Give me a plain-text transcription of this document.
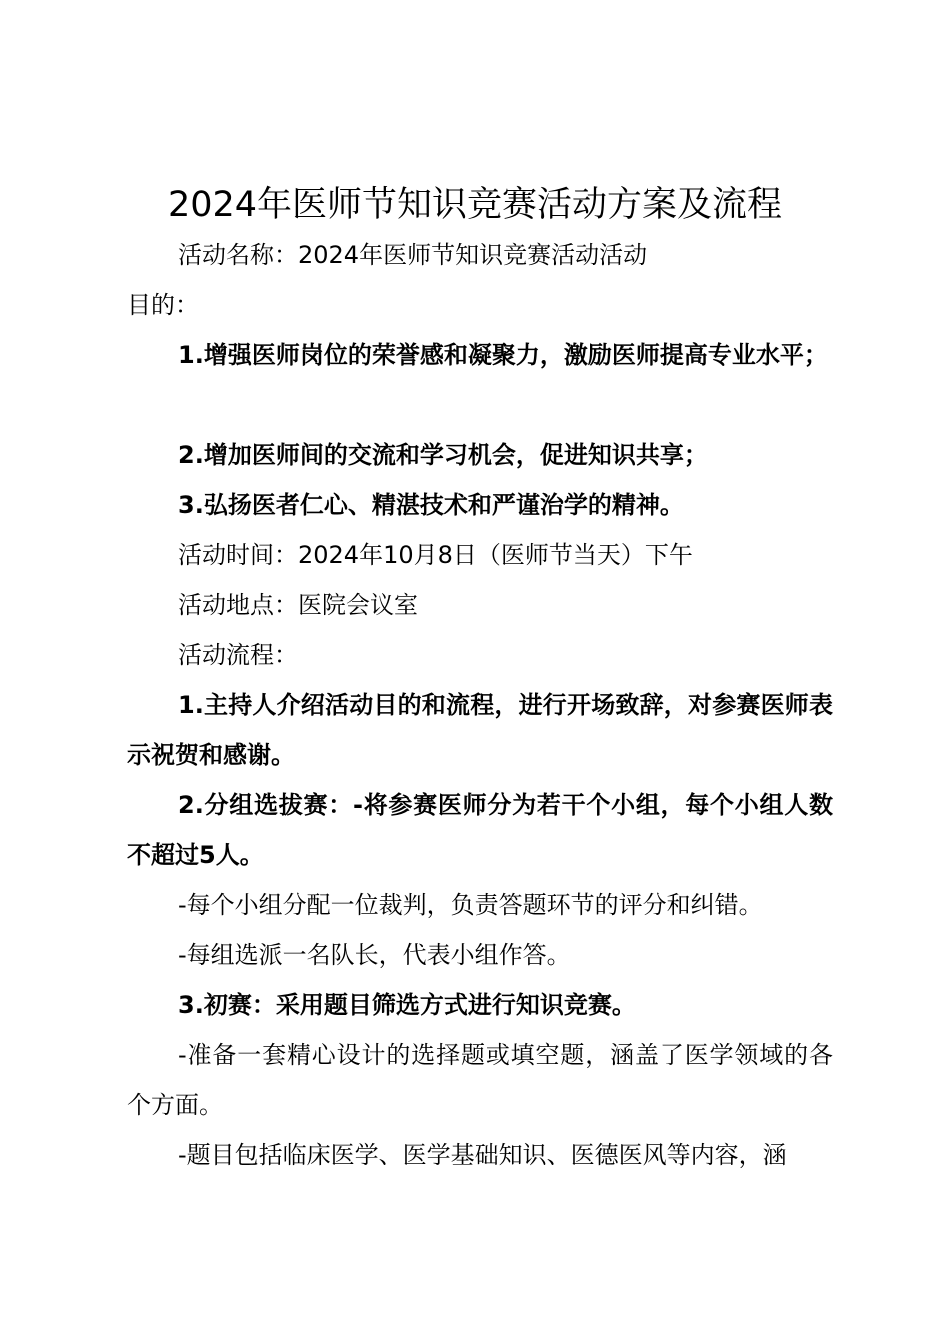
2024年医师节知识竞赛活动方案及流程

活动名称：2024年医师节知识竞赛活动活动

目的：

1.增强医师岗位的荣誉感和凝聚力，激励医师提高专业水平；

2.增加医师间的交流和学习机会，促进知识共享；

3.弘扬医者仁心、精湛技术和严谨治学的精神。

活动时间：2024年10月8日（医师节当天）下午

活动地点：医院会议室

活动流程：

1.主持人介绍活动目的和流程，进行开场致辞，对参赛医师表示祝贺和感谢。

2.分组选拔赛：-将参赛医师分为若干个小组，每个小组人数不超过5人。

-每个小组分配一位裁判，负责答题环节的评分和纠错。

-每组选派一名队长，代表小组作答。

3.初赛：采用题目筛选方式进行知识竞赛。

-准备一套精心设计的选择题或填空题，涵盖了医学领域的各个方面。

-题目包括临床医学、医学基础知识、医德医风等内容，涵
